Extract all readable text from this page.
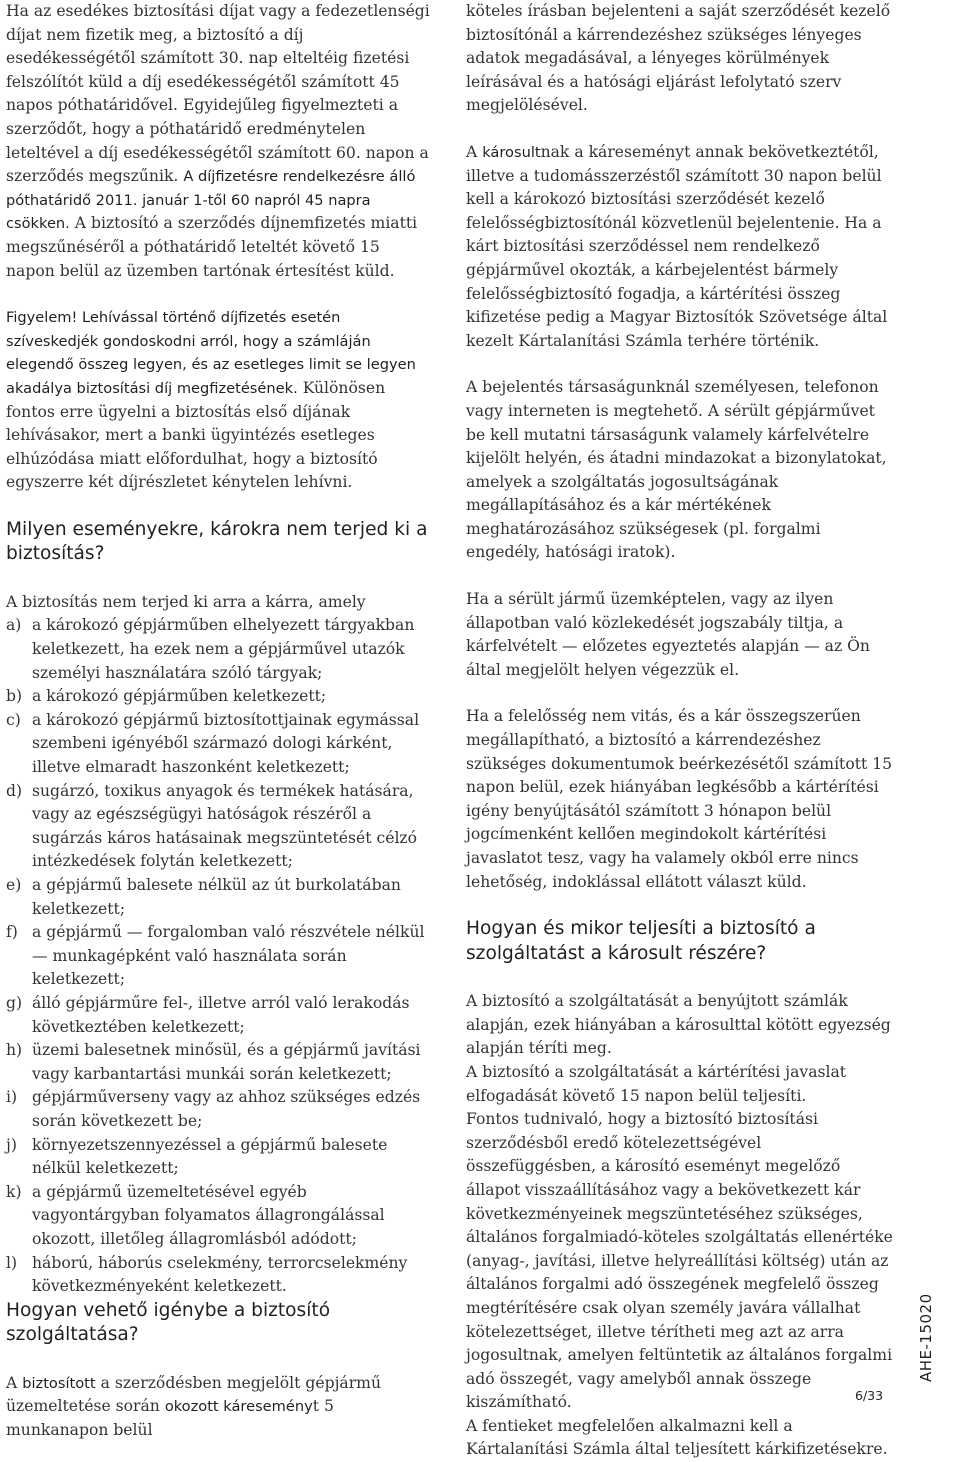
Ha az esedékes biztosítási díjat vagy a fedezetlenségi díjat nem fizetik meg, a biztosító a díj esedékességétől számított 30. nap elteltéig fizetési felszólítót küld a díj esedékességétől számított 45 napos póthatáridővel. Egyidejűleg figyelmezteti a szerződőt, hogy a póthatáridő eredménytelen leteltével a díj esedékességétől számított 60. napon a szerződés megszűnik. A díjfizetésre rendelkezésre álló póthatáridő 2011. január 1-től 60 napról 45 napra csökken. A biztosító a szerződés díjnemfizetés miatti megszűnéséről a póthatáridő leteltét követő 15 napon belül az üzemben tartónak értesítést küld.

Figyelem! Lehívással történő díjfizetés esetén szíveskedjék gondoskodni arról, hogy a számláján elegendő összeg legyen, és az esetleges limit se legyen akadálya biztosítási díj megfizetésének. Különösen fontos erre ügyelni a biztosítás első díjának lehívásakor, mert a banki ügyintézés esetleges elhúzódása miatt előfordulhat, hogy a biztosító egyszerre két díjrészletet kénytelen lehívni.

Milyen eseményekre, károkra nem terjed ki a biztosítás?

A biztosítás nem terjed ki arra a kárra, amely

a) a károkozó gépjárműben elhelyezett tárgyakban keletkezett, ha ezek nem a gépjárművel utazók személyi használatára szóló tárgyak;
b) a károkozó gépjárműben keletkezett;
c) a károkozó gépjármű biztosítottjainak egymással szembeni igényéből származó dologi kárként, illetve elmaradt haszonként keletkezett;
d) sugárzó, toxikus anyagok és termékek hatására, vagy az egészségügyi hatóságok részéről a sugárzás káros hatásainak megszüntetését célzó intézkedések folytán keletkezett;
e) a gépjármű balesete nélkül az út burkolatában keletkezett;
f) a gépjármű — forgalomban való részvétele nélkül — munkagépként való használata során keletkezett;
g) álló gépjárműre fel-, illetve arról való lerakodás következtében keletkezett;
h) üzemi balesetnek minősül, és a gépjármű javítási vagy karbantartási munkái során keletkezett;
i) gépjárműverseny vagy az ahhoz szükséges edzés során következett be;
j) környezetszennyezéssel a gépjármű balesete nélkül keletkezett;
k) a gépjármű üzemeltetésével egyéb vagyontárgyban folyamatos állagrongálással okozott, illetőleg állagromlásból adódott;
l) háború, háborús cselekmény, terrorcselekmény következményeként keletkezett.
Hogyan vehető igénybe a biztosító szolgáltatása?

A biztosított a szerződésben megjelölt gépjármű üzemeltetése során okozott káreseményt 5 munkanapon belül

köteles írásban bejelenteni a saját szerződését kezelő biztosítónál a kárrendezéshez szükséges lényeges adatok megadásával, a lényeges körülmények leírásával és a hatósági eljárást lefolytató szerv megjelölésével.

A károsultnak a káreseményt annak bekövetkeztétől, illetve a tudomásszerzéstől számított 30 napon belül kell a károkozó biztosítási szerződését kezelő felelősségbiztosítónál közvetlenül bejelentenie. Ha a kárt biztosítási szerződéssel nem rendelkező gépjárművel okozták, a kárbejelentést bármely felelősségbiztosító fogadja, a kártérítési összeg kifizetése pedig a Magyar Biztosítók Szövetsége által kezelt Kártalanítási Számla terhére történik.

A bejelentés társaságunknál személyesen, telefonon vagy interneten is megtehető. A sérült gépjárművet be kell mutatni társaságunk valamely kárfelvételre kijelölt helyén, és átadni mindazokat a bizonylatokat, amelyek a szolgáltatás jogosultságának megállapításához és a kár mértékének meghatározásához szükségesek (pl. forgalmi engedély, hatósági iratok).

Ha a sérült jármű üzemképtelen, vagy az ilyen állapotban való közlekedését jogszabály tiltja, a kárfelvételt — előzetes egyeztetés alapján — az Ön által megjelölt helyen végezzük el.

Ha a felelősség nem vitás, és a kár összegszerűen megállapítható, a biztosító a kárrendezéshez szükséges dokumentumok beérkezésétől számított 15 napon belül, ezek hiányában legkésőbb a kártérítési igény benyújtásától számított 3 hónapon belül jogcímenként kellően megindokolt kártérítési javaslatot tesz, vagy ha valamely okból erre nincs lehetőség, indoklással ellátott választ küld.

Hogyan és mikor teljesíti a biztosító a szolgáltatást a károsult részére?

A biztosító a szolgáltatását a benyújtott számlák alapján, ezek hiányában a károsulttal kötött egyezség alapján téríti meg.

A biztosító a szolgáltatását a kártérítési javaslat elfogadását követő 15 napon belül teljesíti.

Fontos tudnivaló, hogy a biztosító biztosítási szerződésből eredő kötelezettségével összefüggésben, a károsító eseményt megelőző állapot visszaállításához vagy a bekövetkezett kár következményeinek megszüntetéséhez szükséges, általános forgalmiadó-köteles szolgáltatás ellenértéke (anyag-, javítási, illetve helyreállítási költség) után az általános forgalmi adó összegének megfelelő összeg megtérítésére csak olyan személy javára vállalhat kötelezettséget, illetve térítheti meg azt az arra jogosultnak, amelyen feltüntetik az általános forgalmi adó összegét, vagy amelyből annak összege kiszámítható.

A fentieket megfelelően alkalmazni kell a Kártalanítási Számla által teljesített kárkifizetésekre.

AHE-15020
6/33
